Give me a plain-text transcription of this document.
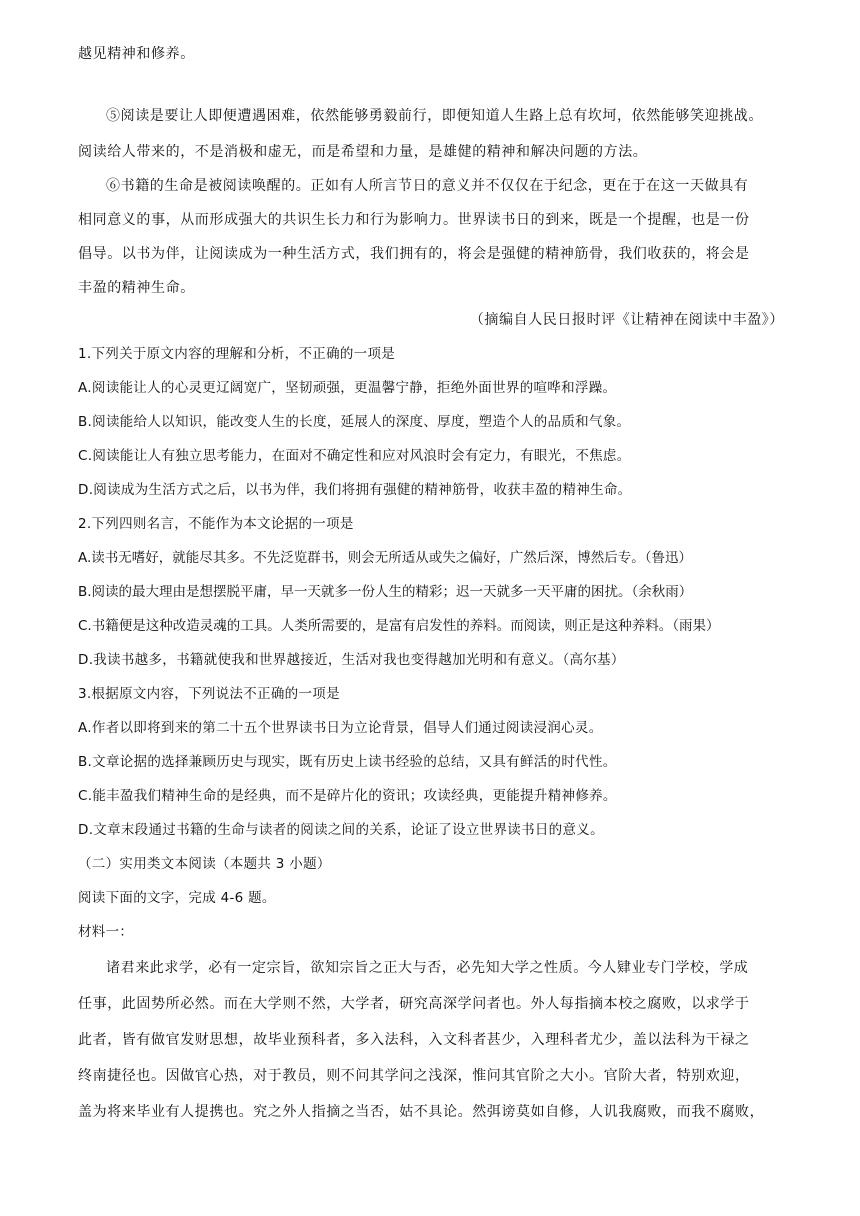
越见精神和修养。
⑤阅读是要让人即便遭遇困难，依然能够勇毅前行，即便知道人生路上总有坎坷，依然能够笑迎挑战。
阅读给人带来的，不是消极和虚无，而是希望和力量，是雄健的精神和解决问题的方法。
⑥书籍的生命是被阅读唤醒的。正如有人所言节日的意义并不仅仅在于纪念，更在于在这一天做具有
相同意义的事，从而形成强大的共识生长力和行为影响力。世界读书日的到来，既是一个提醒，也是一份
倡导。以书为伴，让阅读成为一种生活方式，我们拥有的，将会是强健的精神筋骨，我们收获的，将会是
丰盈的精神生命。
（摘编自人民日报时评《让精神在阅读中丰盈》）
1.下列关于原文内容的理解和分析，不正确的一项是
A.阅读能让人的心灵更辽阔宽广，坚韧顽强，更温馨宁静，拒绝外面世界的喧哗和浮躁。
B.阅读能给人以知识，能改变人生的长度，延展人的深度、厚度，塑造个人的品质和气象。
C.阅读能让人有独立思考能力，在面对不确定性和应对风浪时会有定力，有眼光，不焦虑。
D.阅读成为生活方式之后，以书为伴，我们将拥有强健的精神筋骨，收获丰盈的精神生命。
2.下列四则名言，不能作为本文论据的一项是
A.读书无嗜好，就能尽其多。不先泛览群书，则会无所适从或失之偏好，广然后深，博然后专。（鲁迅）
B.阅读的最大理由是想摆脱平庸，早一天就多一份人生的精彩；迟一天就多一天平庸的困扰。（余秋雨）
C.书籍便是这种改造灵魂的工具。人类所需要的，是富有启发性的养料。而阅读，则正是这种养料。（雨果）
D.我读书越多，书籍就使我和世界越接近，生活对我也变得越加光明和有意义。（高尔基）
3.根据原文内容，下列说法不正确的一项是
A.作者以即将到来的第二十五个世界读书日为立论背景，倡导人们通过阅读浸润心灵。
B.文章论据的选择兼顾历史与现实，既有历史上读书经验的总结，又具有鲜活的时代性。
C.能丰盈我们精神生命的是经典，而不是碎片化的资讯；攻读经典，更能提升精神修养。
D.文章末段通过书籍的生命与读者的阅读之间的关系，论证了设立世界读书日的意义。
（二）实用类文本阅读（本题共 3 小题）
阅读下面的文字，完成 4-6 题。
材料一：
诸君来此求学，必有一定宗旨，欲知宗旨之正大与否，必先知大学之性质。今人肄业专门学校，学成
任事，此固势所必然。而在大学则不然，大学者，研究高深学问者也。外人每指摘本校之腐败，以求学于
此者，皆有做官发财思想，故毕业预科者，多入法科，入文科者甚少，入理科者尤少，盖以法科为干禄之
终南捷径也。因做官心热，对于教员，则不问其学问之浅深，惟问其官阶之大小。官阶大者，特别欢迎，
盖为将来毕业有人提携也。究之外人指摘之当否，姑不具论。然弭谤莫如自修，人讥我腐败，而我不腐败，
